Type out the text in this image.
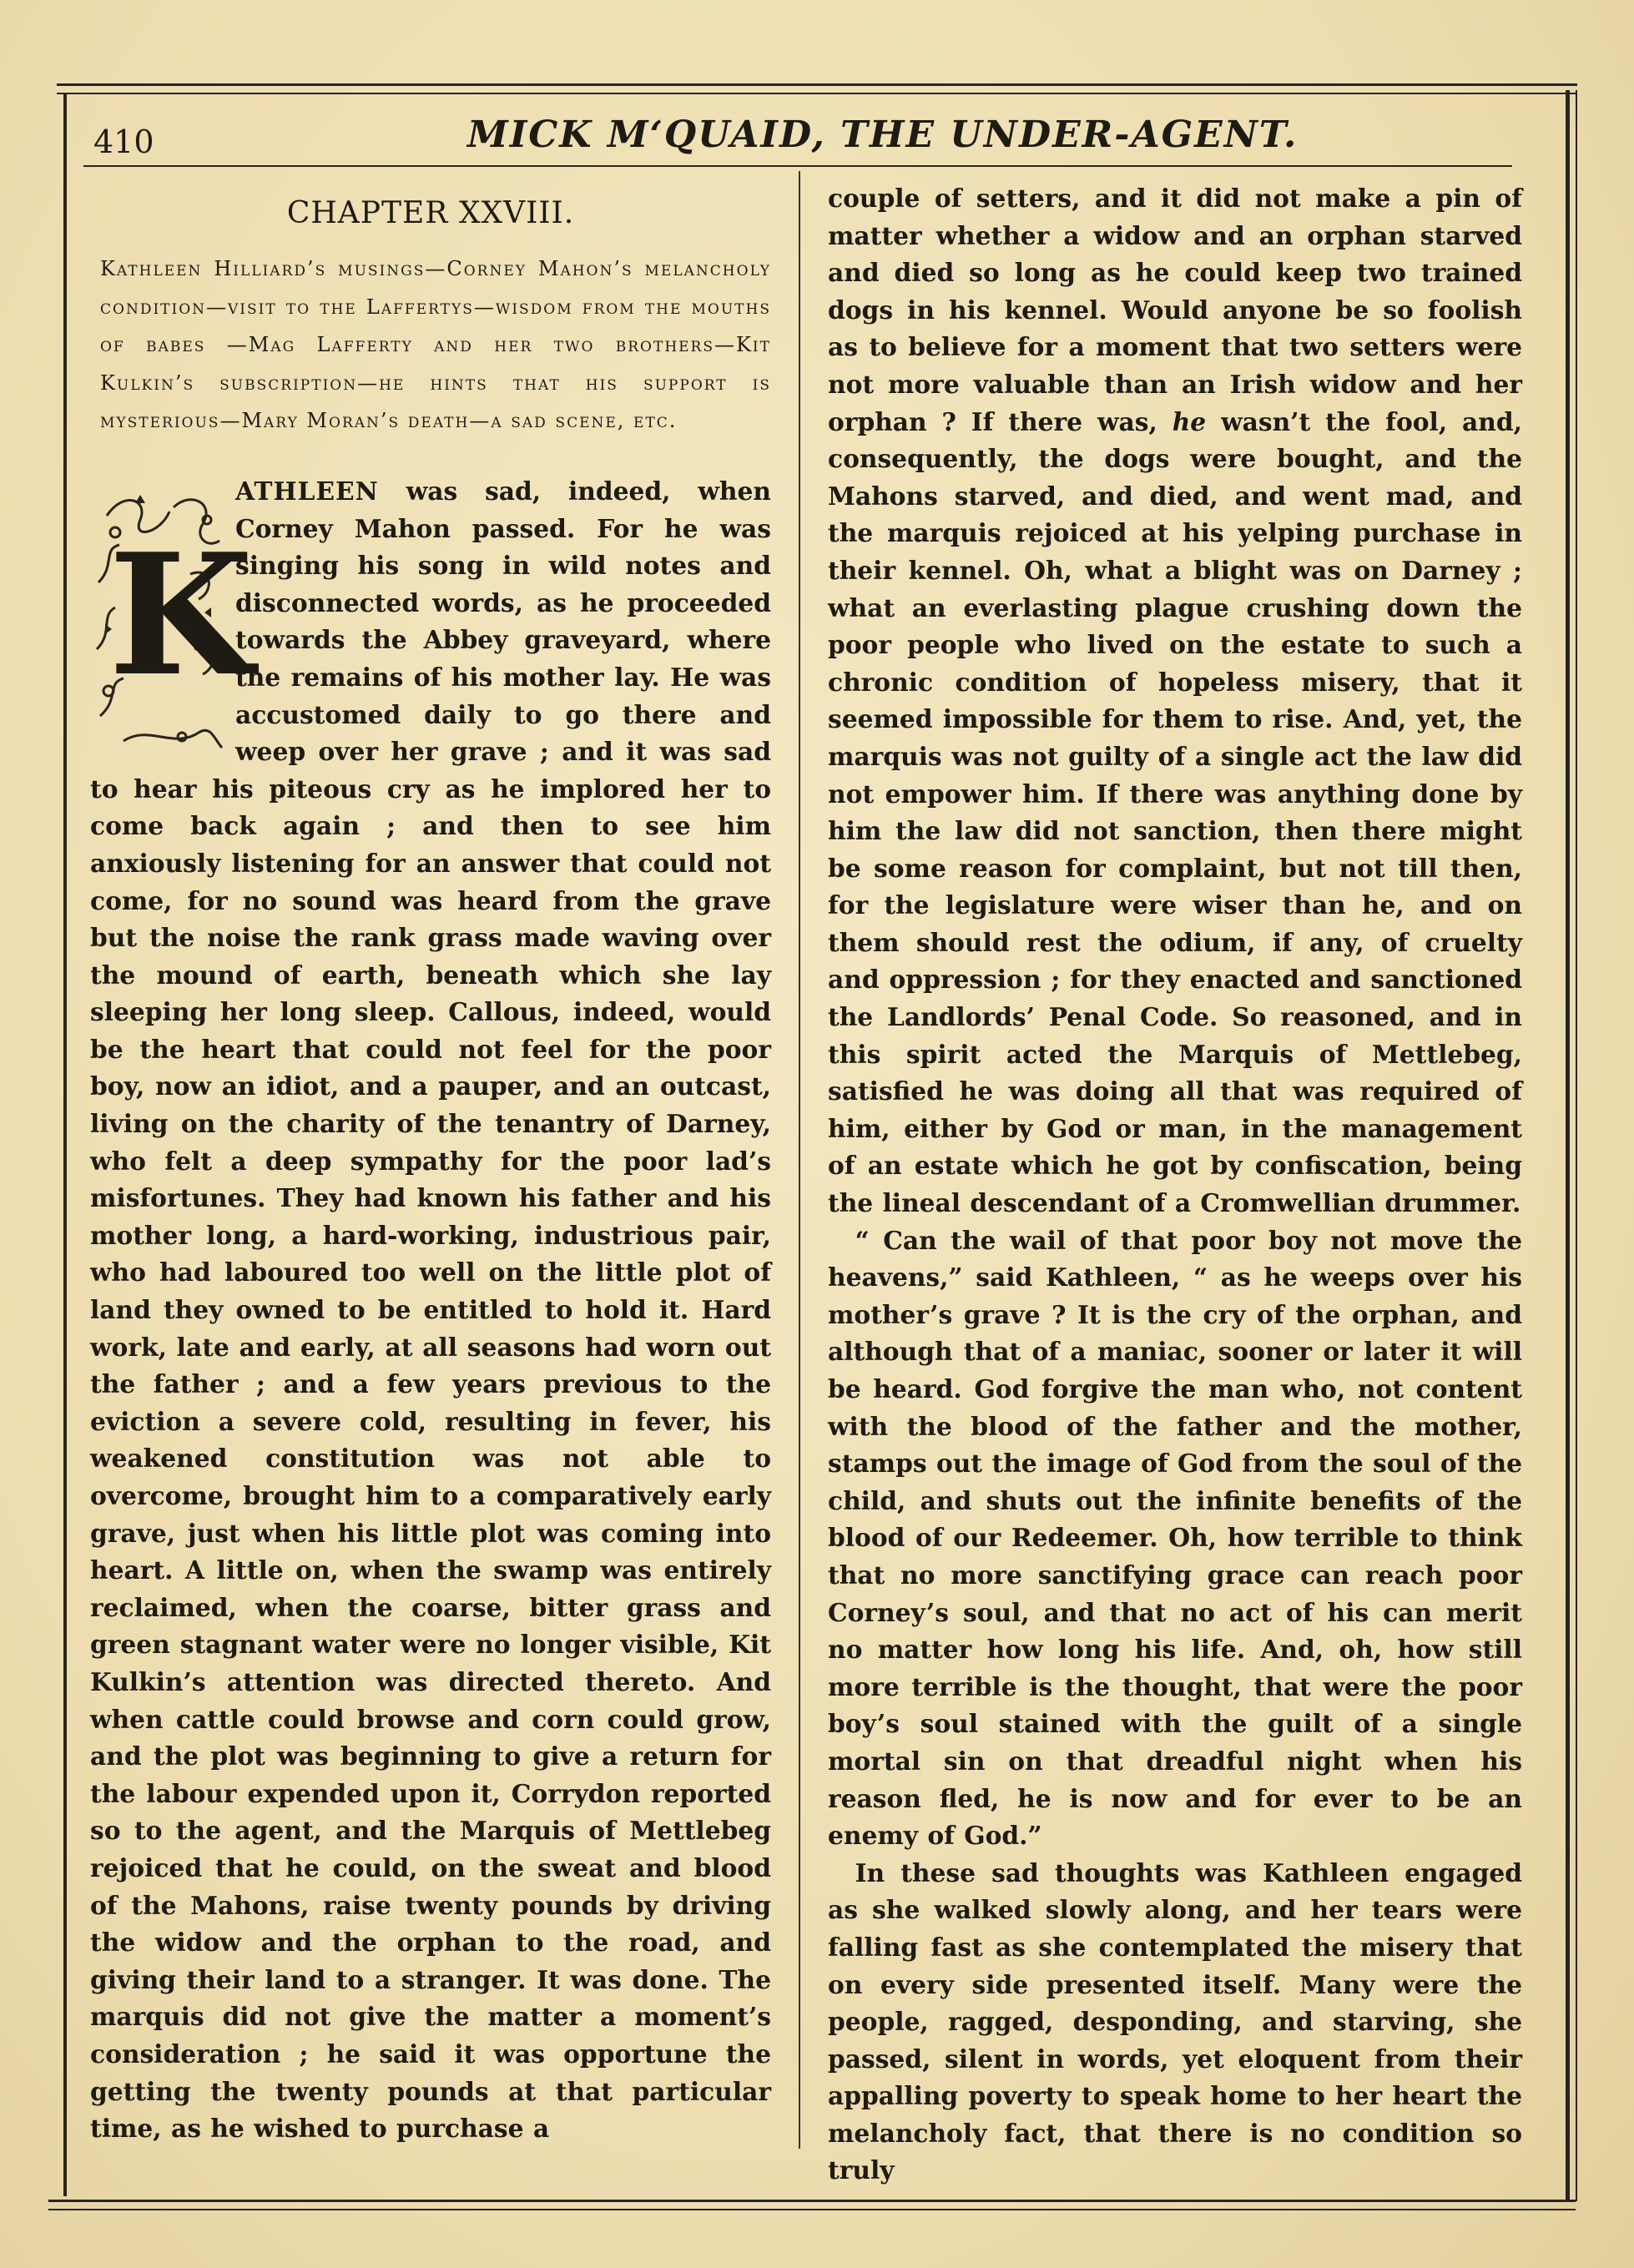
410	MICK M‘QUAID, THE UNDER-AGENT.
CHAPTER XXVIII.

Kathleen Hilliard’s musings—Corney Mahon’s melancholy condition—visit to the Laffertys—wisdom from the mouths of babes —Mag Lafferty and her two brothers—Kit Kulkin’s subscription—he hints that his support is mysterious—Mary Moran’s death—a sad scene, etc.

K
ATHLEEN was sad, indeed, when Corney Mahon passed. For he was singing his song in wild notes and disconnected words, as he proceeded towards the Abbey graveyard, where the remains of his mother lay. He was accustomed daily to go there and weep over her grave ; and it was sad to hear his piteous cry as he implored her to come back again ; and then to see him anxiously listening for an answer that could not come, for no sound was heard from the grave but the noise the rank grass made waving over the mound of earth, beneath which she lay sleeping her long sleep. Callous, indeed, would be the heart that could not feel for the poor boy, now an idiot, and a pauper, and an outcast, living on the charity of the tenantry of Darney, who felt a deep sympathy for the poor lad’s misfortunes. They had known his father and his mother long, a hard-working, industrious pair, who had laboured too well on the little plot of land they owned to be entitled to hold it. Hard work, late and early, at all seasons had worn out the father ; and a few years previous to the eviction a severe cold, resulting in fever, his weakened constitution was not able to overcome, brought him to a comparatively early grave, just when his little plot was coming into heart. A little on, when the swamp was entirely reclaimed, when the coarse, bitter grass and green stagnant water were no longer visible, Kit Kulkin’s attention was directed thereto. And when cattle could browse and corn could grow, and the plot was beginning to give a return for the labour expended upon it, Corrydon reported so to the agent, and the Marquis of Mettlebeg rejoiced that he could, on the sweat and blood of the Mahons, raise twenty pounds by driving the widow and the orphan to the road, and giving their land to a stranger. It was done. The marquis did not give the matter a moment’s consideration ; he said it was opportune the getting the twenty pounds at that particular time, as he wished to purchase a

couple of setters, and it did not make a pin of matter whether a widow and an orphan starved and died so long as he could keep two trained dogs in his kennel. Would anyone be so foolish as to believe for a moment that two setters were not more valuable than an Irish widow and her orphan ? If there was, he wasn’t the fool, and, consequently, the dogs were bought, and the Mahons starved, and died, and went mad, and the marquis rejoiced at his yelping purchase in their kennel. Oh, what a blight was on Darney ; what an everlasting plague crushing down the poor people who lived on the estate to such a chronic condition of hopeless misery, that it seemed impossible for them to rise. And, yet, the marquis was not guilty of a single act the law did not empower him. If there was anything done by him the law did not sanction, then there might be some reason for complaint, but not till then, for the legislature were wiser than he, and on them should rest the odium, if any, of cruelty and oppression ; for they enacted and sanctioned the Landlords’ Penal Code. So reasoned, and in this spirit acted the Marquis of Mettlebeg, satisfied he was doing all that was required of him, either by God or man, in the management of an estate which he got by confiscation, being the lineal descendant of a Cromwellian drummer.

“ Can the wail of that poor boy not move the heavens,” said Kathleen, “ as he weeps over his mother’s grave ? It is the cry of the orphan, and although that of a maniac, sooner or later it will be heard. God forgive the man who, not content with the blood of the father and the mother, stamps out the image of God from the soul of the child, and shuts out the infinite benefits of the blood of our Redeemer. Oh, how terrible to think that no more sanctifying grace can reach poor Corney’s soul, and that no act of his can merit no matter how long his life. And, oh, how still more terrible is the thought, that were the poor boy’s soul stained with the guilt of a single mortal sin on that dreadful night when his reason fled, he is now and for ever to be an enemy of God.”

In these sad thoughts was Kathleen engaged as she walked slowly along, and her tears were falling fast as she contemplated the misery that on every side presented itself. Many were the people, ragged, desponding, and starving, she passed, silent in words, yet eloquent from their appalling poverty to speak home to her heart the melancholy fact, that there is no condition so truly
